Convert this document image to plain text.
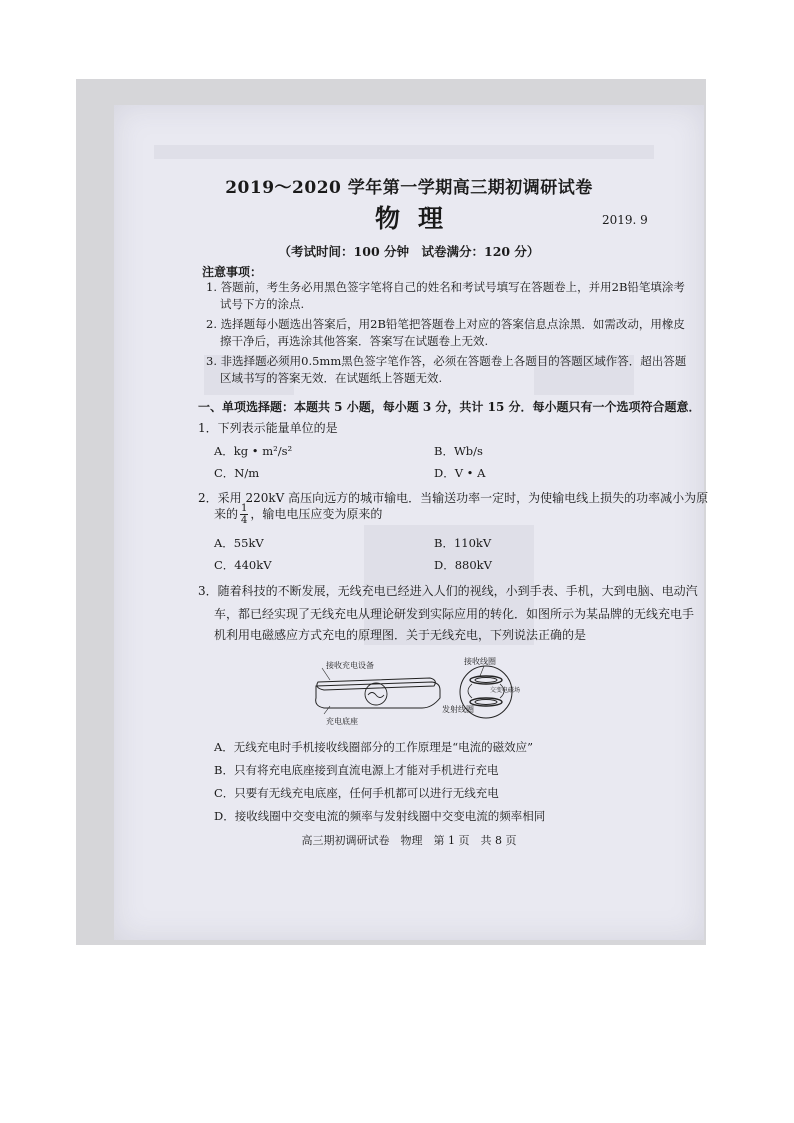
2019～2020 学年第一学期高三期初调研试卷
物理	2019. 9
（考试时间：100 分钟　试卷满分：120 分）
注意事项：
1. 答题前，考生务必用黑色签字笔将自己的姓名和考试号填写在答题卷上，并用2B铅笔填涂考
试号下方的涂点.
2. 选择题每小题选出答案后，用2B铅笔把答题卷上对应的答案信息点涂黑．如需改动，用橡皮
擦干净后，再选涂其他答案．答案写在试题卷上无效.
3. 非选择题必须用0.5mm黑色签字笔作答，必须在答题卷上各题目的答题区域作答．超出答题
区域书写的答案无效．在试题纸上答题无效.
一、单项选择题：本题共 5 小题，每小题 3 分，共计 15 分．每小题只有一个选项符合题意．
1．下列表示能量单位的是
A．kg • m²/s²	B．Wb/s
C．N/m	D．V • A
2．采用 220kV 高压向远方的城市输电．当输送功率一定时，为使输电线上损失的功率减小为原
来的 $\frac{1}{4}$ ，输电电压应变为原来的
A．55kV	B．110kV
C．440kV	D．880kV
3．随着科技的不断发展，无线充电已经进入人们的视线，小到手表、手机，大到电脑、电动汽
车，都已经实现了无线充电从理论研发到实际应用的转化．如图所示为某品牌的无线充电手
机利用电磁感应方式充电的原理图．关于无线充电，下列说法正确的是
接收充电设备
充电底座
接收线圈
交变电磁场
发射线圈
A．无线充电时手机接收线圈部分的工作原理是“电流的磁效应”
B．只有将充电底座接到直流电源上才能对手机进行充电
C．只要有无线充电底座，任何手机都可以进行无线充电
D．接收线圈中交变电流的频率与发射线圈中交变电流的频率相同
高三期初调研试卷　物理　第 1 页　共 8 页
